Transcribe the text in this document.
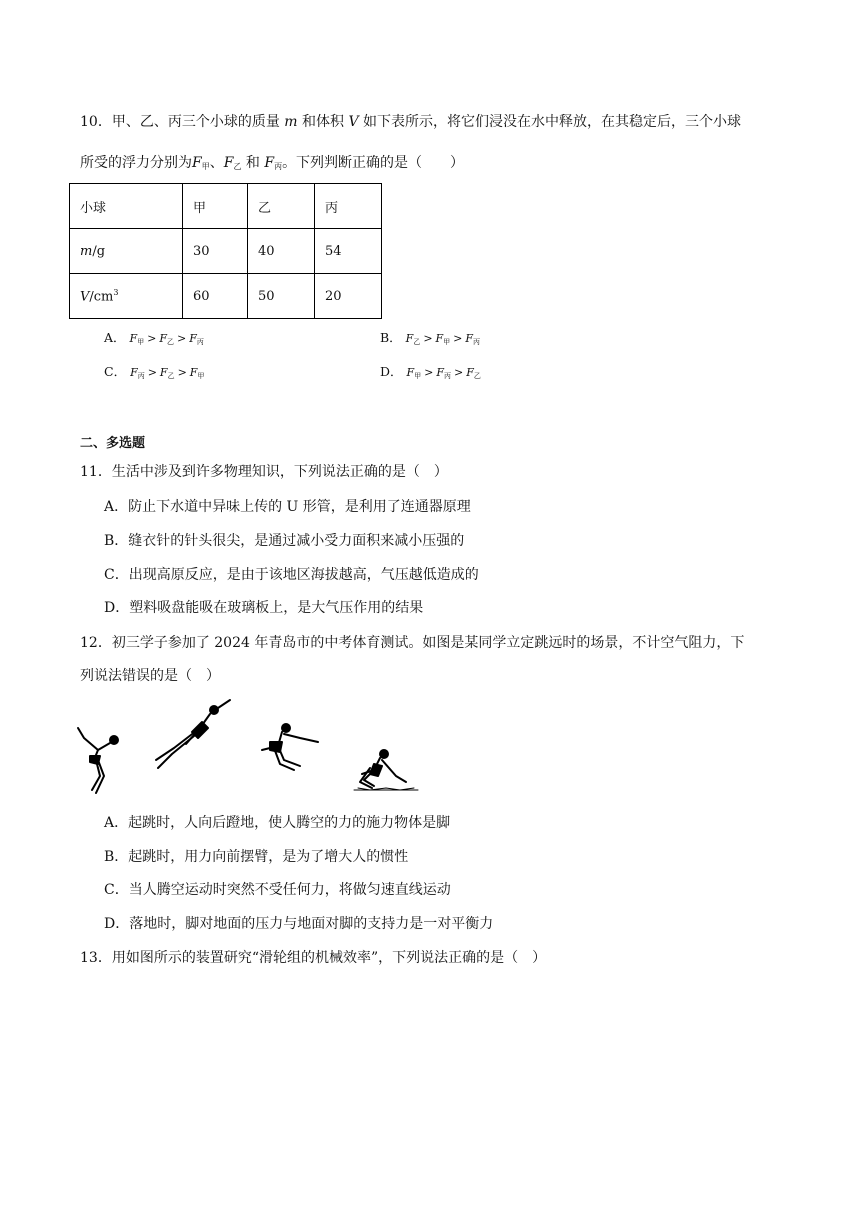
10．甲、乙、丙三个小球的质量 m 和体积 V 如下表所示，将它们浸没在水中释放，在其稳定后，三个小球
所受的浮力分别为$F_甲$、$F_乙$ 和 $F_丙$。下列判断正确的是（　　）
小球	甲	乙	丙
m/g	30	40	54
$V/cm^3$	60	50	20
A． F甲 > F乙 > F丙	B． F乙 > F甲 > F丙
C． F丙 > F乙 > F甲	D． F甲 > F丙 > F乙
二、多选题
11．生活中涉及到许多物理知识，下列说法正确的是（　）
A．防止下水道中异味上传的 U 形管，是利用了连通器原理
B．缝衣针的针头很尖，是通过减小受力面积来减小压强的
C．出现高原反应，是由于该地区海拔越高，气压越低造成的
D．塑料吸盘能吸在玻璃板上，是大气压作用的结果
12．初三学子参加了 2024 年青岛市的中考体育测试。如图是某同学立定跳远时的场景，不计空气阻力，下
列说法错误的是（　）
A．起跳时，人向后蹬地，使人腾空的力的施力物体是脚
B．起跳时，用力向前摆臂，是为了增大人的惯性
C．当人腾空运动时突然不受任何力，将做匀速直线运动
D．落地时，脚对地面的压力与地面对脚的支持力是一对平衡力
13．用如图所示的装置研究“滑轮组的机械效率”，下列说法正确的是（　）
